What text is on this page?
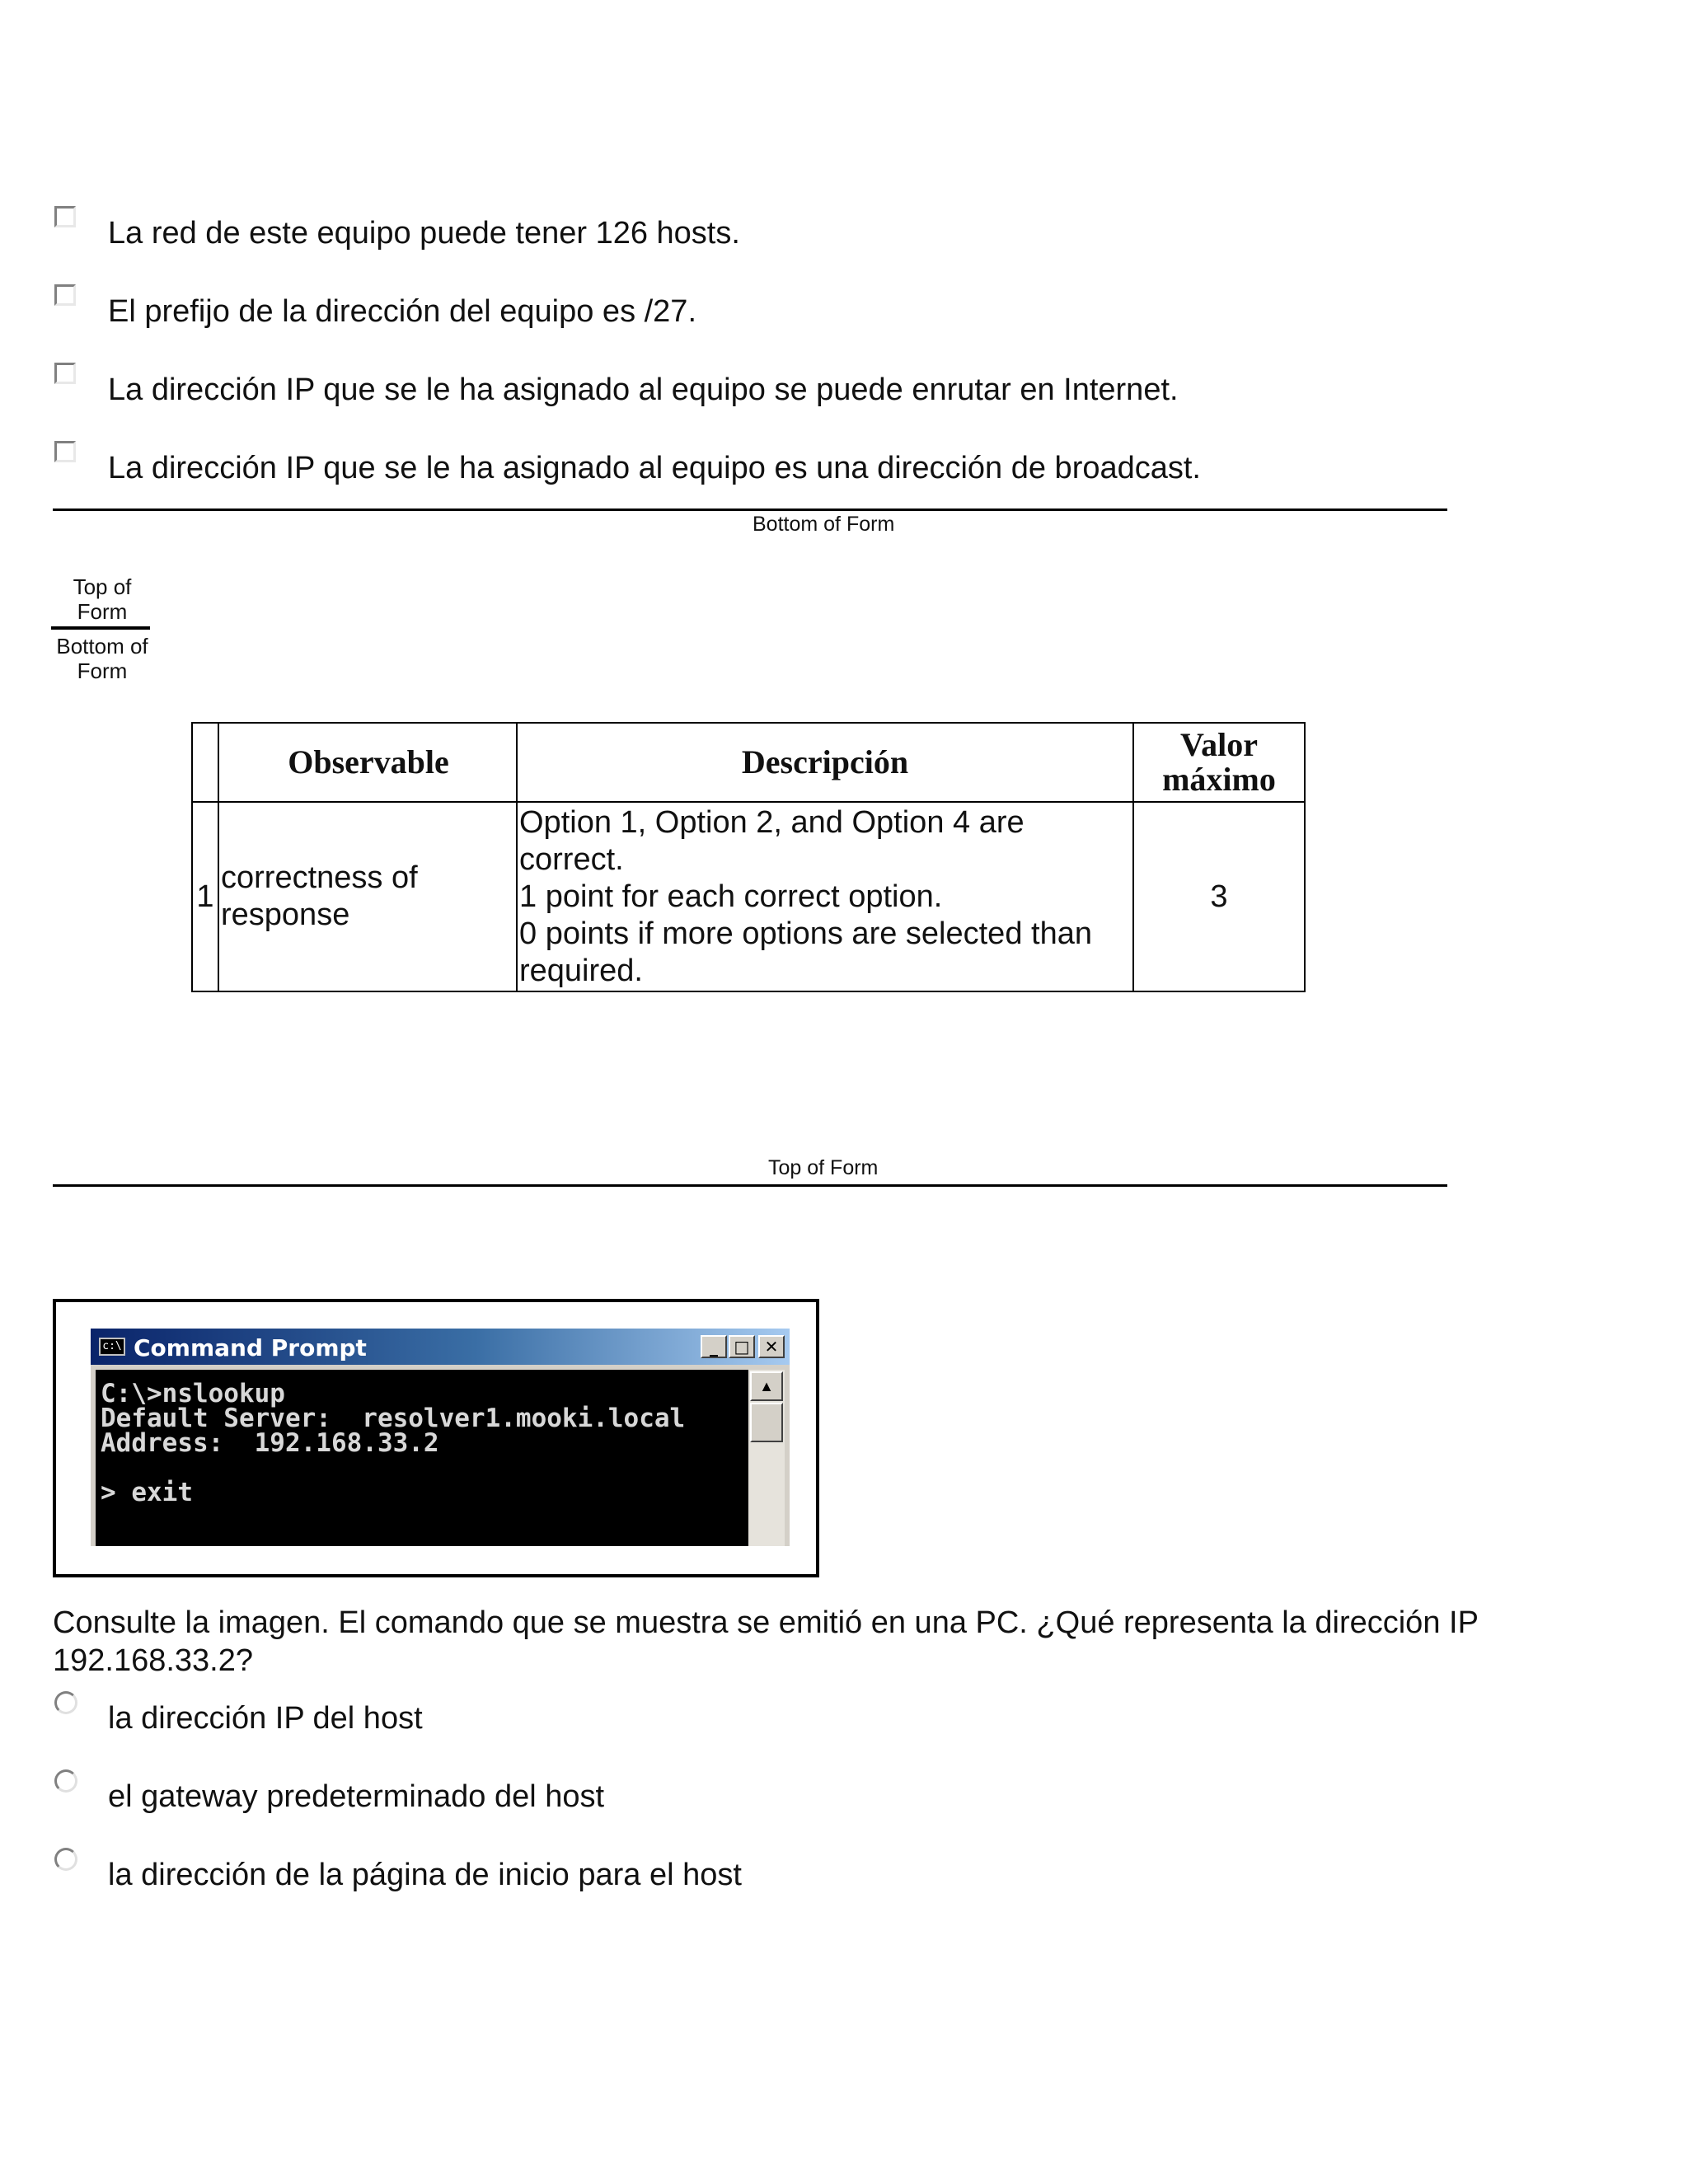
La red de este equipo puede tener 126 hosts.
El prefijo de la dirección del equipo es /27.
La dirección IP que se le ha asignado al equipo se puede enrutar en Internet.
La dirección IP que se le ha asignado al equipo es una dirección de broadcast.
Bottom of Form
Top of
Form
Bottom of
Form
	Observable	Descripción	Valor
máximo

1	correctness of response	Option 1, Option 2, and Option 4 are correct.
1 point for each correct option.
0 points if more options are selected than required.	3
Top of Form
c:\ Command Prompt	_ □ ✕
C:\>nslookup
Default Server:  resolver1.mooki.local
Address:  192.168.33.2
> exit
▲
Consulte la imagen. El comando que se muestra se emitió en una PC. ¿Qué representa la dirección IP 192.168.33.2?
la dirección IP del host
el gateway predeterminado del host
la dirección de la página de inicio para el host
